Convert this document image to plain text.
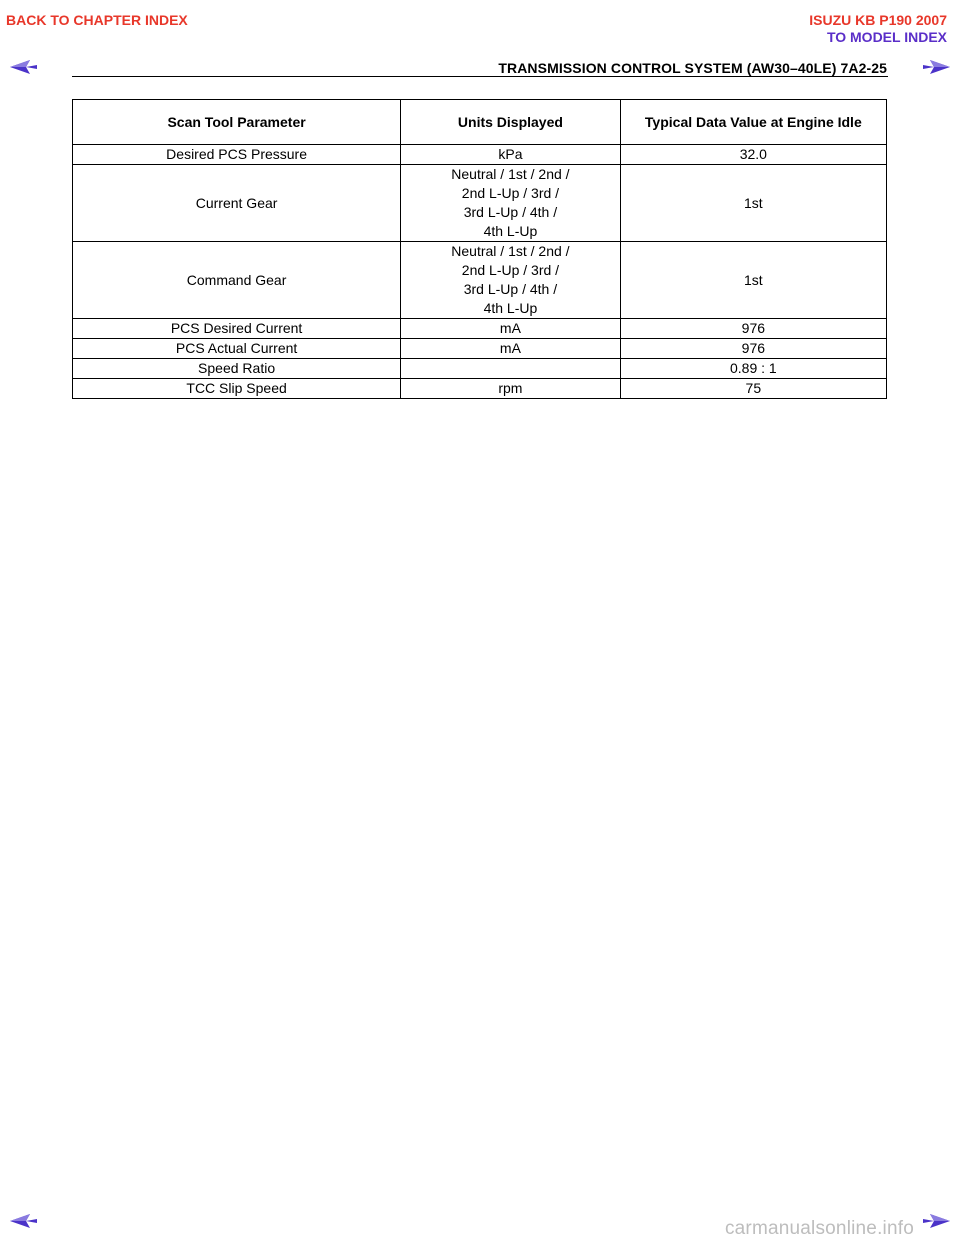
BACK TO CHAPTER INDEX	ISUZU KB P190 2007
TO MODEL INDEX
TRANSMISSION CONTROL SYSTEM (AW30–40LE) 7A2-25
Scan Tool Parameter	Units Displayed	Typical Data Value at Engine Idle
Desired PCS Pressure	kPa	32.0
Current Gear	Neutral / 1st / 2nd /
2nd L-Up / 3rd /
3rd L-Up / 4th /
4th L-Up	1st
Command Gear	Neutral / 1st / 2nd /
2nd L-Up / 3rd /
3rd L-Up / 4th /
4th L-Up	1st
PCS Desired Current	mA	976
PCS Actual Current	mA	976
Speed Ratio		0.89 : 1
TCC Slip Speed	rpm	75
carmanualsonline.info
